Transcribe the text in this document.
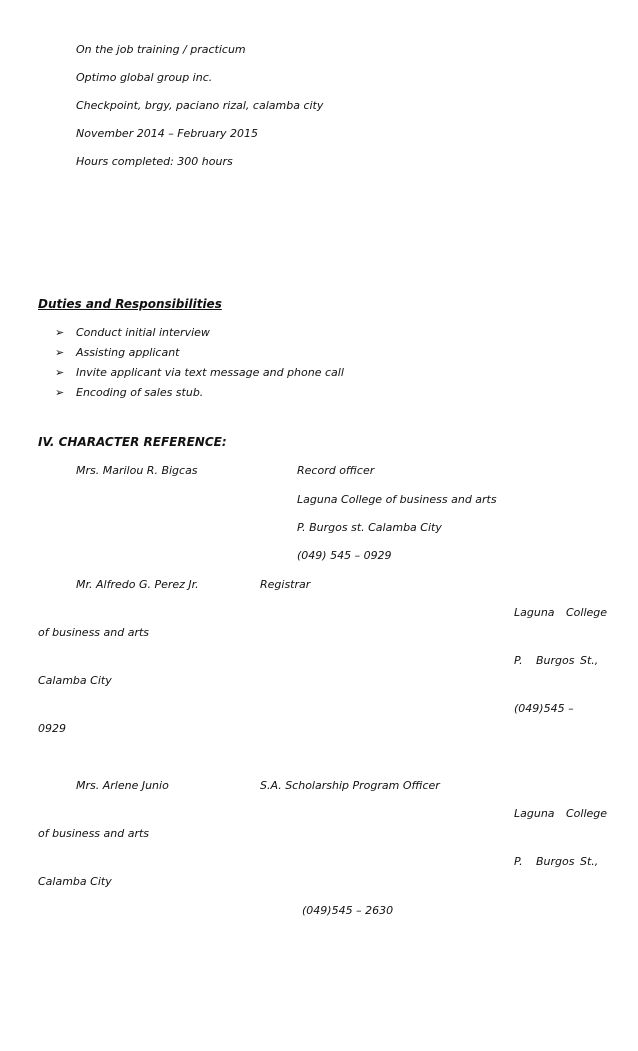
On the job training / practicum
Optimo global group inc.
Checkpoint, brgy, paciano rizal, calamba city
November 2014 – February 2015
Hours completed: 300 hours
Duties and Responsibilities
➢ Conduct initial interview
➢ Assisting applicant
➢ Invite applicant via text message and phone call
➢ Encoding of sales stub.
IV. CHARACTER REFERENCE:
Mrs. Marilou R. Bigcas	Record officer
Laguna College of business and arts
P. Burgos st. Calamba City
(049) 545 – 0929
Mr. Alfredo G. Perez Jr.	Registrar
Laguna College
of business and arts
P. Burgos St.,
Calamba City
(049)545 –
0929
Mrs. Arlene Junio	S.A. Scholarship Program Officer
Laguna College
of business and arts
P. Burgos St.,
Calamba City
(049)545 – 2630
